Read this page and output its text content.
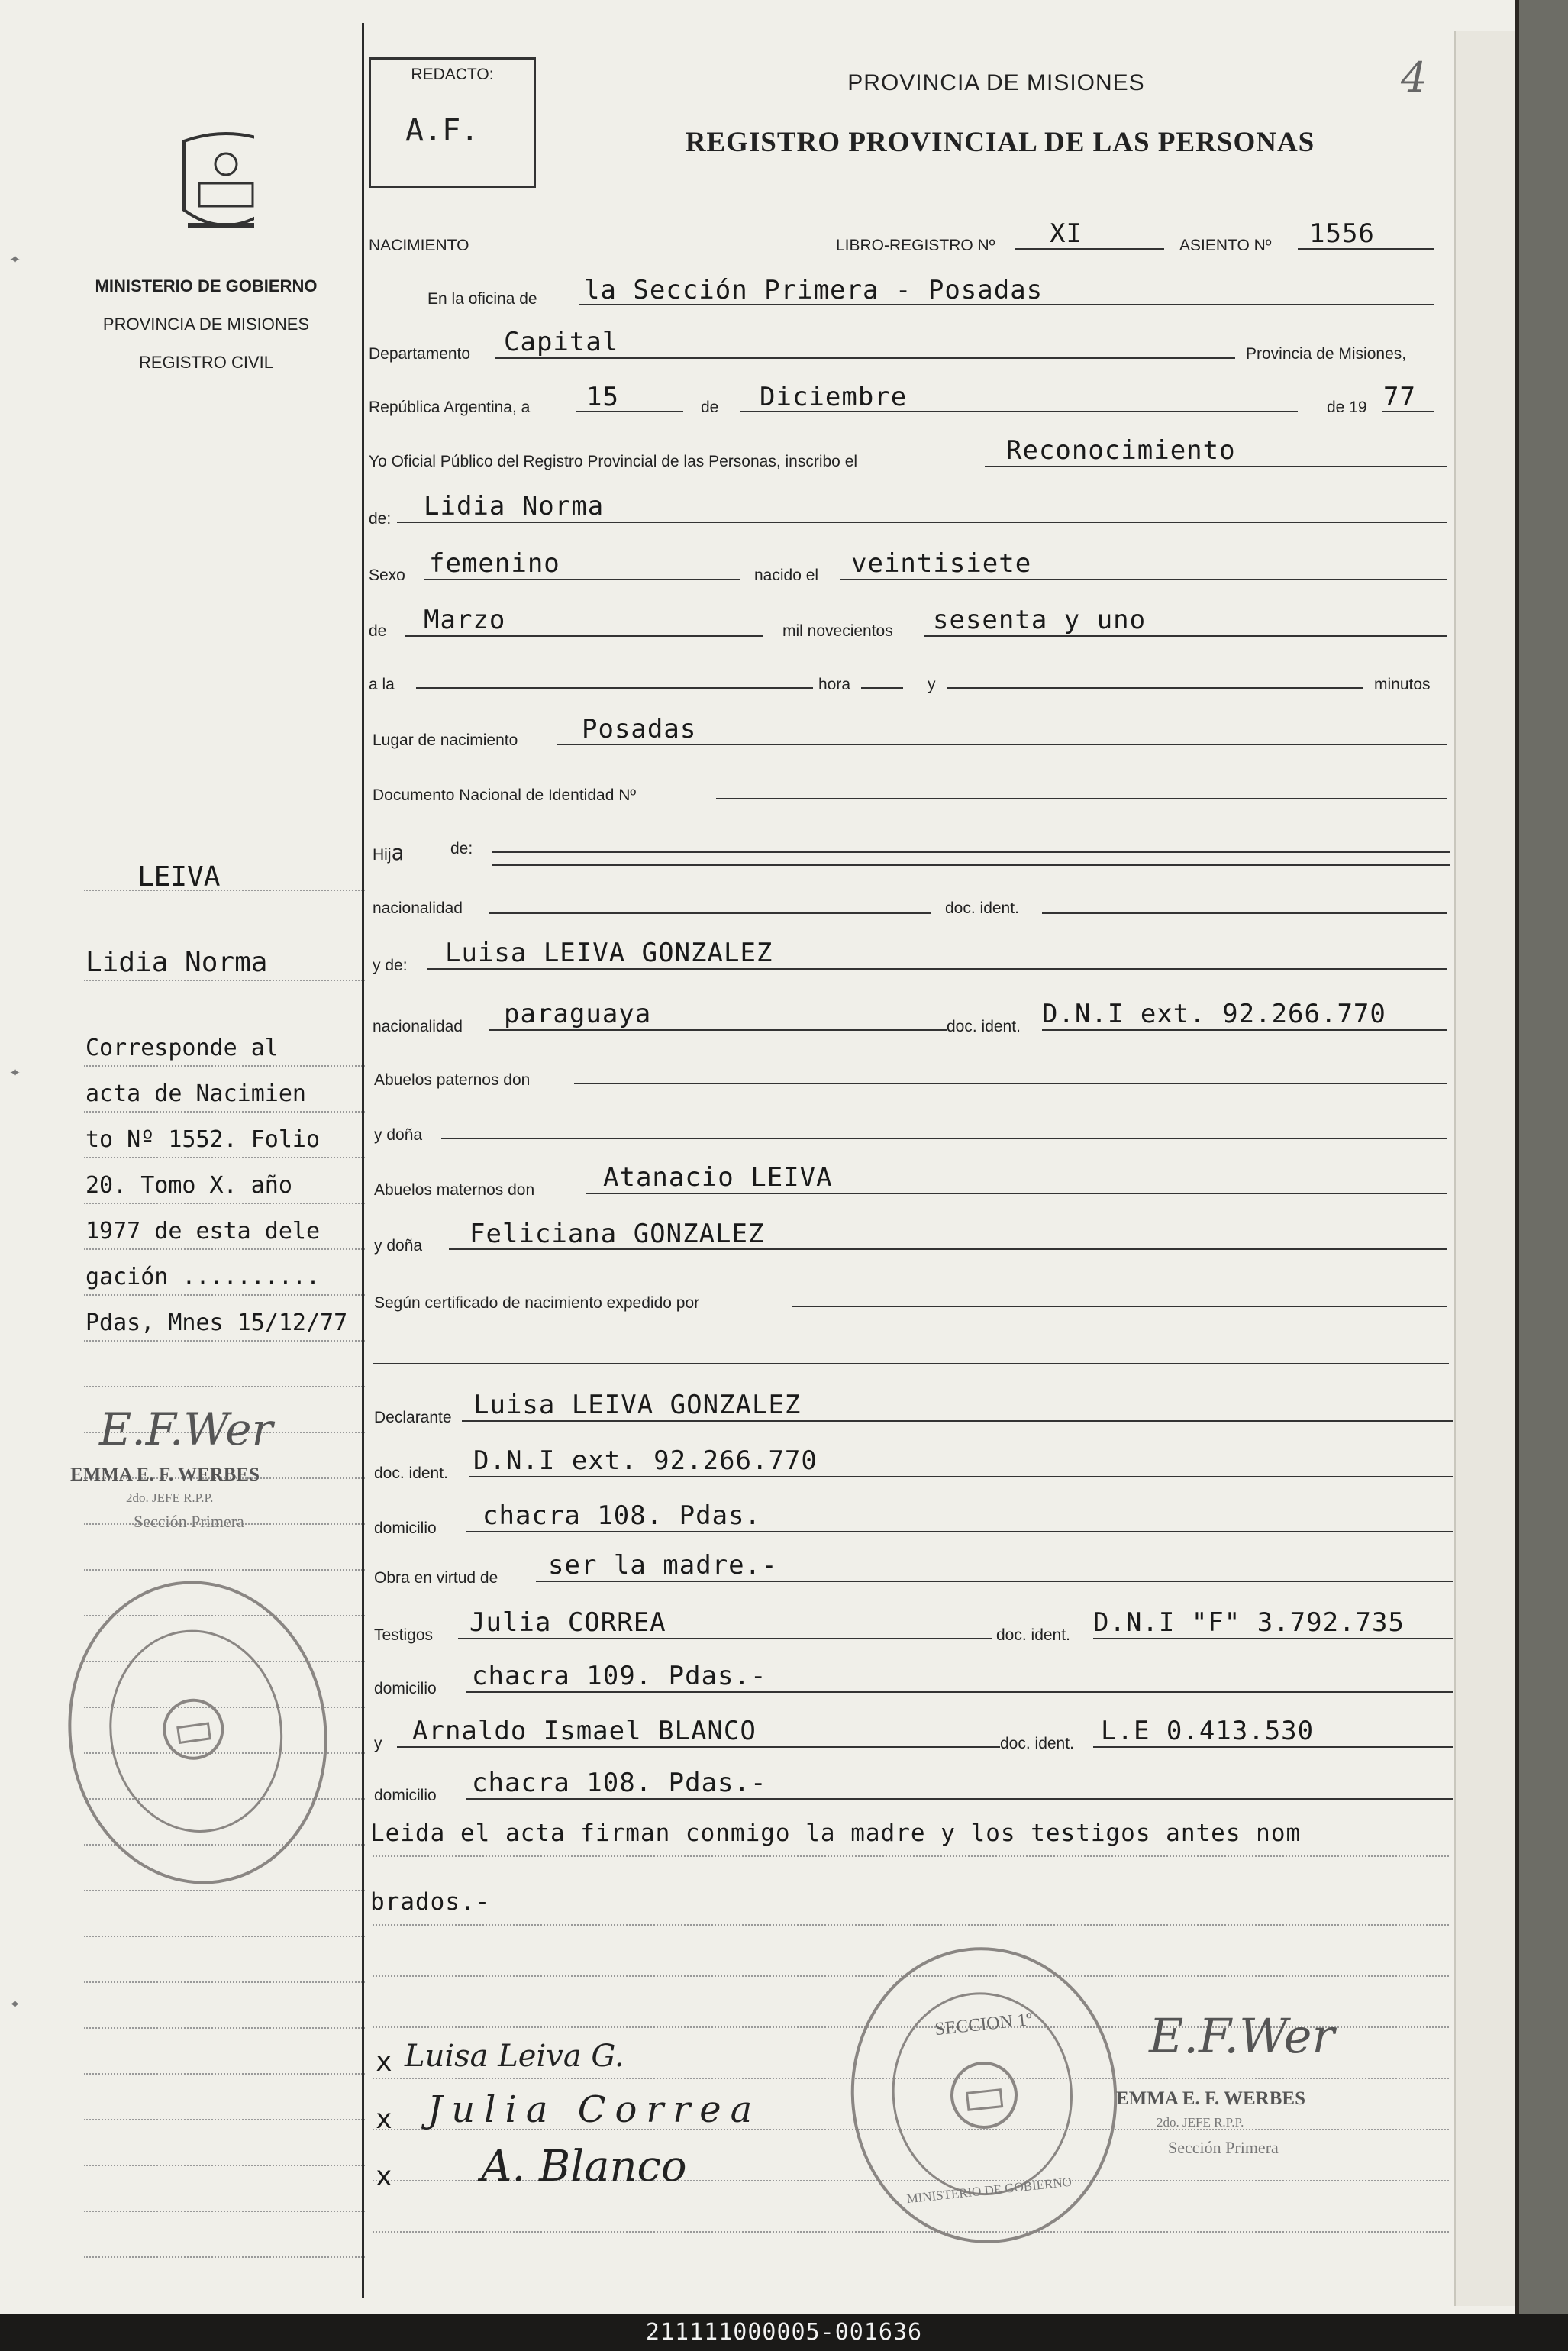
4
REDACTO:
A.F.
PROVINCIA DE MISIONES
REGISTRO PROVINCIAL DE LAS PERSONAS
MINISTERIO DE GOBIERNO
PROVINCIA DE MISIONES
REGISTRO CIVIL
NACIMIENTO	LIBRO-REGISTRO Nº XI	ASIENTO Nº 1556
En la oficina de la Sección Primera - Posadas
Departamento Capital	Provincia de Misiones,
República Argentina, a 15	de Diciembre	de 19 77
Yo Oficial Público del Registro Provincial de las Personas, inscribo el	Reconocimiento
de: Lidia Norma
Sexo femenino	nacido el veintisiete
de Marzo	mil novecientos sesenta y uno
a la	hora	y	minutos
Lugar de nacimiento Posadas
Documento Nacional de Identidad Nº
Hija	de:
nacionalidad	doc. ident.
y de: Luisa LEIVA GONZALEZ
nacionalidad paraguaya	doc. ident. D.N.I ext. 92.266.770
Abuelos paternos don
y doña
Abuelos maternos don	Atanacio LEIVA
y doña Feliciana GONZALEZ
Según certificado de nacimiento expedido por
Declarante Luisa LEIVA GONZALEZ
doc. ident. D.N.I ext. 92.266.770
domicilio chacra 108. Pdas.
Obra en virtud de ser la madre.-
Testigos Julia CORREA	doc. ident. D.N.I "F" 3.792.735
domicilio chacra 109. Pdas.-
y Arnaldo Ismael BLANCO	doc. ident. L.E 0.413.530
domicilio chacra 108. Pdas.-
Leida el acta firman conmigo la madre y los testigos antes nom
brados.-
LEIVA
Lidia Norma
Corresponde al
acta de Nacimien
to Nº 1552. Folio
20. Tomo X. año
1977 de esta dele
gación ..........
Pdas, Mnes 15/12/77
E.F.Wer
EMMA E. F. WERBES
2do. JEFE R.P.P.
Sección Primera
SECCION 1º
MINISTERIO DE GOBIERNO
E.F.Wer
EMMA E. F. WERBES
2do. JEFE R.P.P.
Sección Primera
x Luisa Leiva G.
x Julia Correa
x A. Blanco
✦
✦
✦
211111000005-001636
